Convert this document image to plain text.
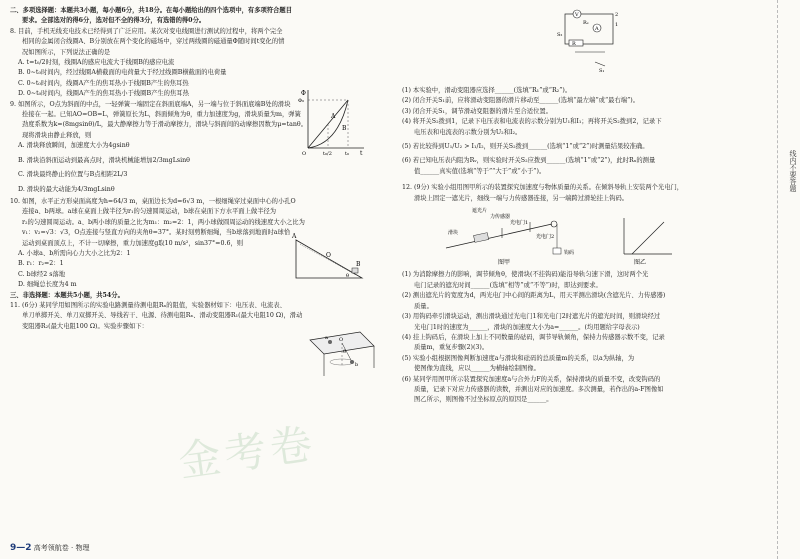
二、多项选择题：本题共3小题，每小题6分，共18分。在每小题给出的四个选项中，有多项符合题目

要求。全部选对的得6分，选对但不全的得3分，有选错的得0分。

8. 目前，手机无线充电技术已经得到了广泛应用。某次对变电线圈进行测试的过程中，将两个完全

相同的金属闭合线圈A、B分别放在两个变化的磁场中，穿过两线圈的磁通量Φ随时间t变化的情

况如图所示，下列说法正确的是

A. t=t₀/2时刻，线圈A的感应电流大于线圈B的感应电流

B. 0~t₀时间内，经过线圈A横截面的电荷量大于经过线圈B横截面的电荷量

C. 0~t₀时间内，线圈A产生的焦耳热小于线圈B产生的焦耳热

D. 0~t₀时间内，线圈A产生的焦耳热小于线圈B产生的焦耳热

9. 如图所示，O点为斜面的中点，一轻弹簧一端固定在斜面底端A，另一端与位于斜面底端B处的滑块

拴接在一起。已知AO=OB=L，弹簧原长为L，斜面倾角为θ，重力加速度为g，滑块质量为m，弹簧

劲度系数为k=(8mgsinθ)/L，最大静摩擦力等于滑动摩擦力，滑块与斜面间的动摩擦因数为μ=tanθ。

现将滑块由静止释放，则

A. 滑块释放瞬间，加速度大小为4gsinθ

B. 滑块沿斜面运动到最高点时，滑块机械能增加2/3mgLsinθ

C. 滑块最终静止的位置与B点相距2L/3

D. 滑块的最大动能为4/3mgLsinθ

10. 如图，水平正方形桌面高度为h=64/3 m，桌面边长为d=6√3 m，一根细绳穿过桌面中心的小孔O

连接a、b两球。a球在桌面上做半径为r₁的匀速圆周运动，b球在桌面下方水平面上做半径为

r₂的匀速圆周运动。a、b两小球的质量之比为m₁：m₂=2：1，两小球做圆周运动的线速度大小之比为

v₁：v₂=√3：√3，O点连接与竖直方向的夹角θ=37°。某时刻剪断细绳，当b球落到地面时a球恰

运动到桌面顶点上，不计一切摩擦，重力加速度g取10 m/s²，sin37°=0.6，则

A. 小球a、b所需向心力大小之比为2：1

B. r₁：r₂=2：1

C. b球经2 s落地

D. 细绳总长度为4 m

三、非选择题：本题共5小题，共54分。

11. (6分) 某同学用如图所示的实验电路测量待测电阻Rₓ的阻值，实验器材如下：电压表、电流表、

单刀单掷开关、单刀双掷开关、导线若干、电源、待测电阻Rₓ、滑动变阻器R₁(最大电阻10 Ω)，滑动

变阻器R₂(最大电阻100 Ω)。实验步骤如下：

Φ
t
A
B
Φ₀
t₀
t₀/2
O
A
O
B
θ
O
a
b
θ
金考卷
9—2 高考领航卷 · 物理
V
A
R
S₁
S₂
2
1
Rₓ

(1) 本实验中，滑动变阻器应选择______(选填“R₁”或“R₂”)。

(2) 闭合开关S₁前，应将滑动变阻器的滑片移动至______(选填“最左端”或“最右端”)。

(3) 闭合开关S₁，调节滑动变阻器的滑片至合适位置。

(4) 将开关S₂拨到1，记录下电压表和电流表的示数分别为U₁和I₁；再将开关S₂拨到2，记录下

电压表和电流表的示数分别为U₂和I₂。

(5) 若比较得到U₁/U₂ > I₁/I₂，则开关S₂拨到______(选填“1”或“2”)时测量结果较准确。

(6) 若已知电压表内阻为Rᵥ，则实验时开关S₂应拨到______(选填“1”或“2”)，此时Rₓ的测量

值______真实值(选填“等于”“大于”或“小于”)。

12. (9分) 实验小组用图甲所示的装置探究加速度与物体质量的关系。在倾斜导轨上安装两个光电门，

滑块上固定一遮光片，细线一端与力传感器连接，另一端跨过滑轮挂上钩码。

遮光片
力传感器
光电门1
滑块
光电门2
钩码
图甲	图乙

(1) 为消除摩擦力的影响，调节倾角θ，使滑块(不挂钩码)能沿导轨匀速下滑，这时两个光

电门记录的遮光时间______(选填“相等”或“不等”)时，即达到要求。

(2) 测出遮光片的宽度为d，两光电门中心间的距离为L，用天平测出滑块(含遮光片、力传感器)

质量。

(3) 用钩码牵引滑块运动，测出滑块通过光电门1和光电门2时遮光片的遮光时间，则滑块经过

光电门1时的速度为______，滑块的加速度大小为a=______。(均用题给字母表示)

(4) 挂上钩码后，在滑块上加上不同数量的砝码，调节导轨倾角，保持力传感器示数不变，记录

质量m，重复步骤(2)(3)。

(5) 实验小组根据图像判断加速度a与滑块和砝码的总质量m的关系，以a为纵轴，为

使图像为直线，应以______为横轴绘制图像。

(6) 某同学用图甲所示装置探究加速度a与合外力F的关系，保持滑块的质量不变，改变钩码的

质量，记录下对应力传感器的读数，并测出对应的加速度。多次测量，若作出的a-F图像如

图乙所示，则图像不过坐标原点的原因是______。

线
内
不
要
答
题
